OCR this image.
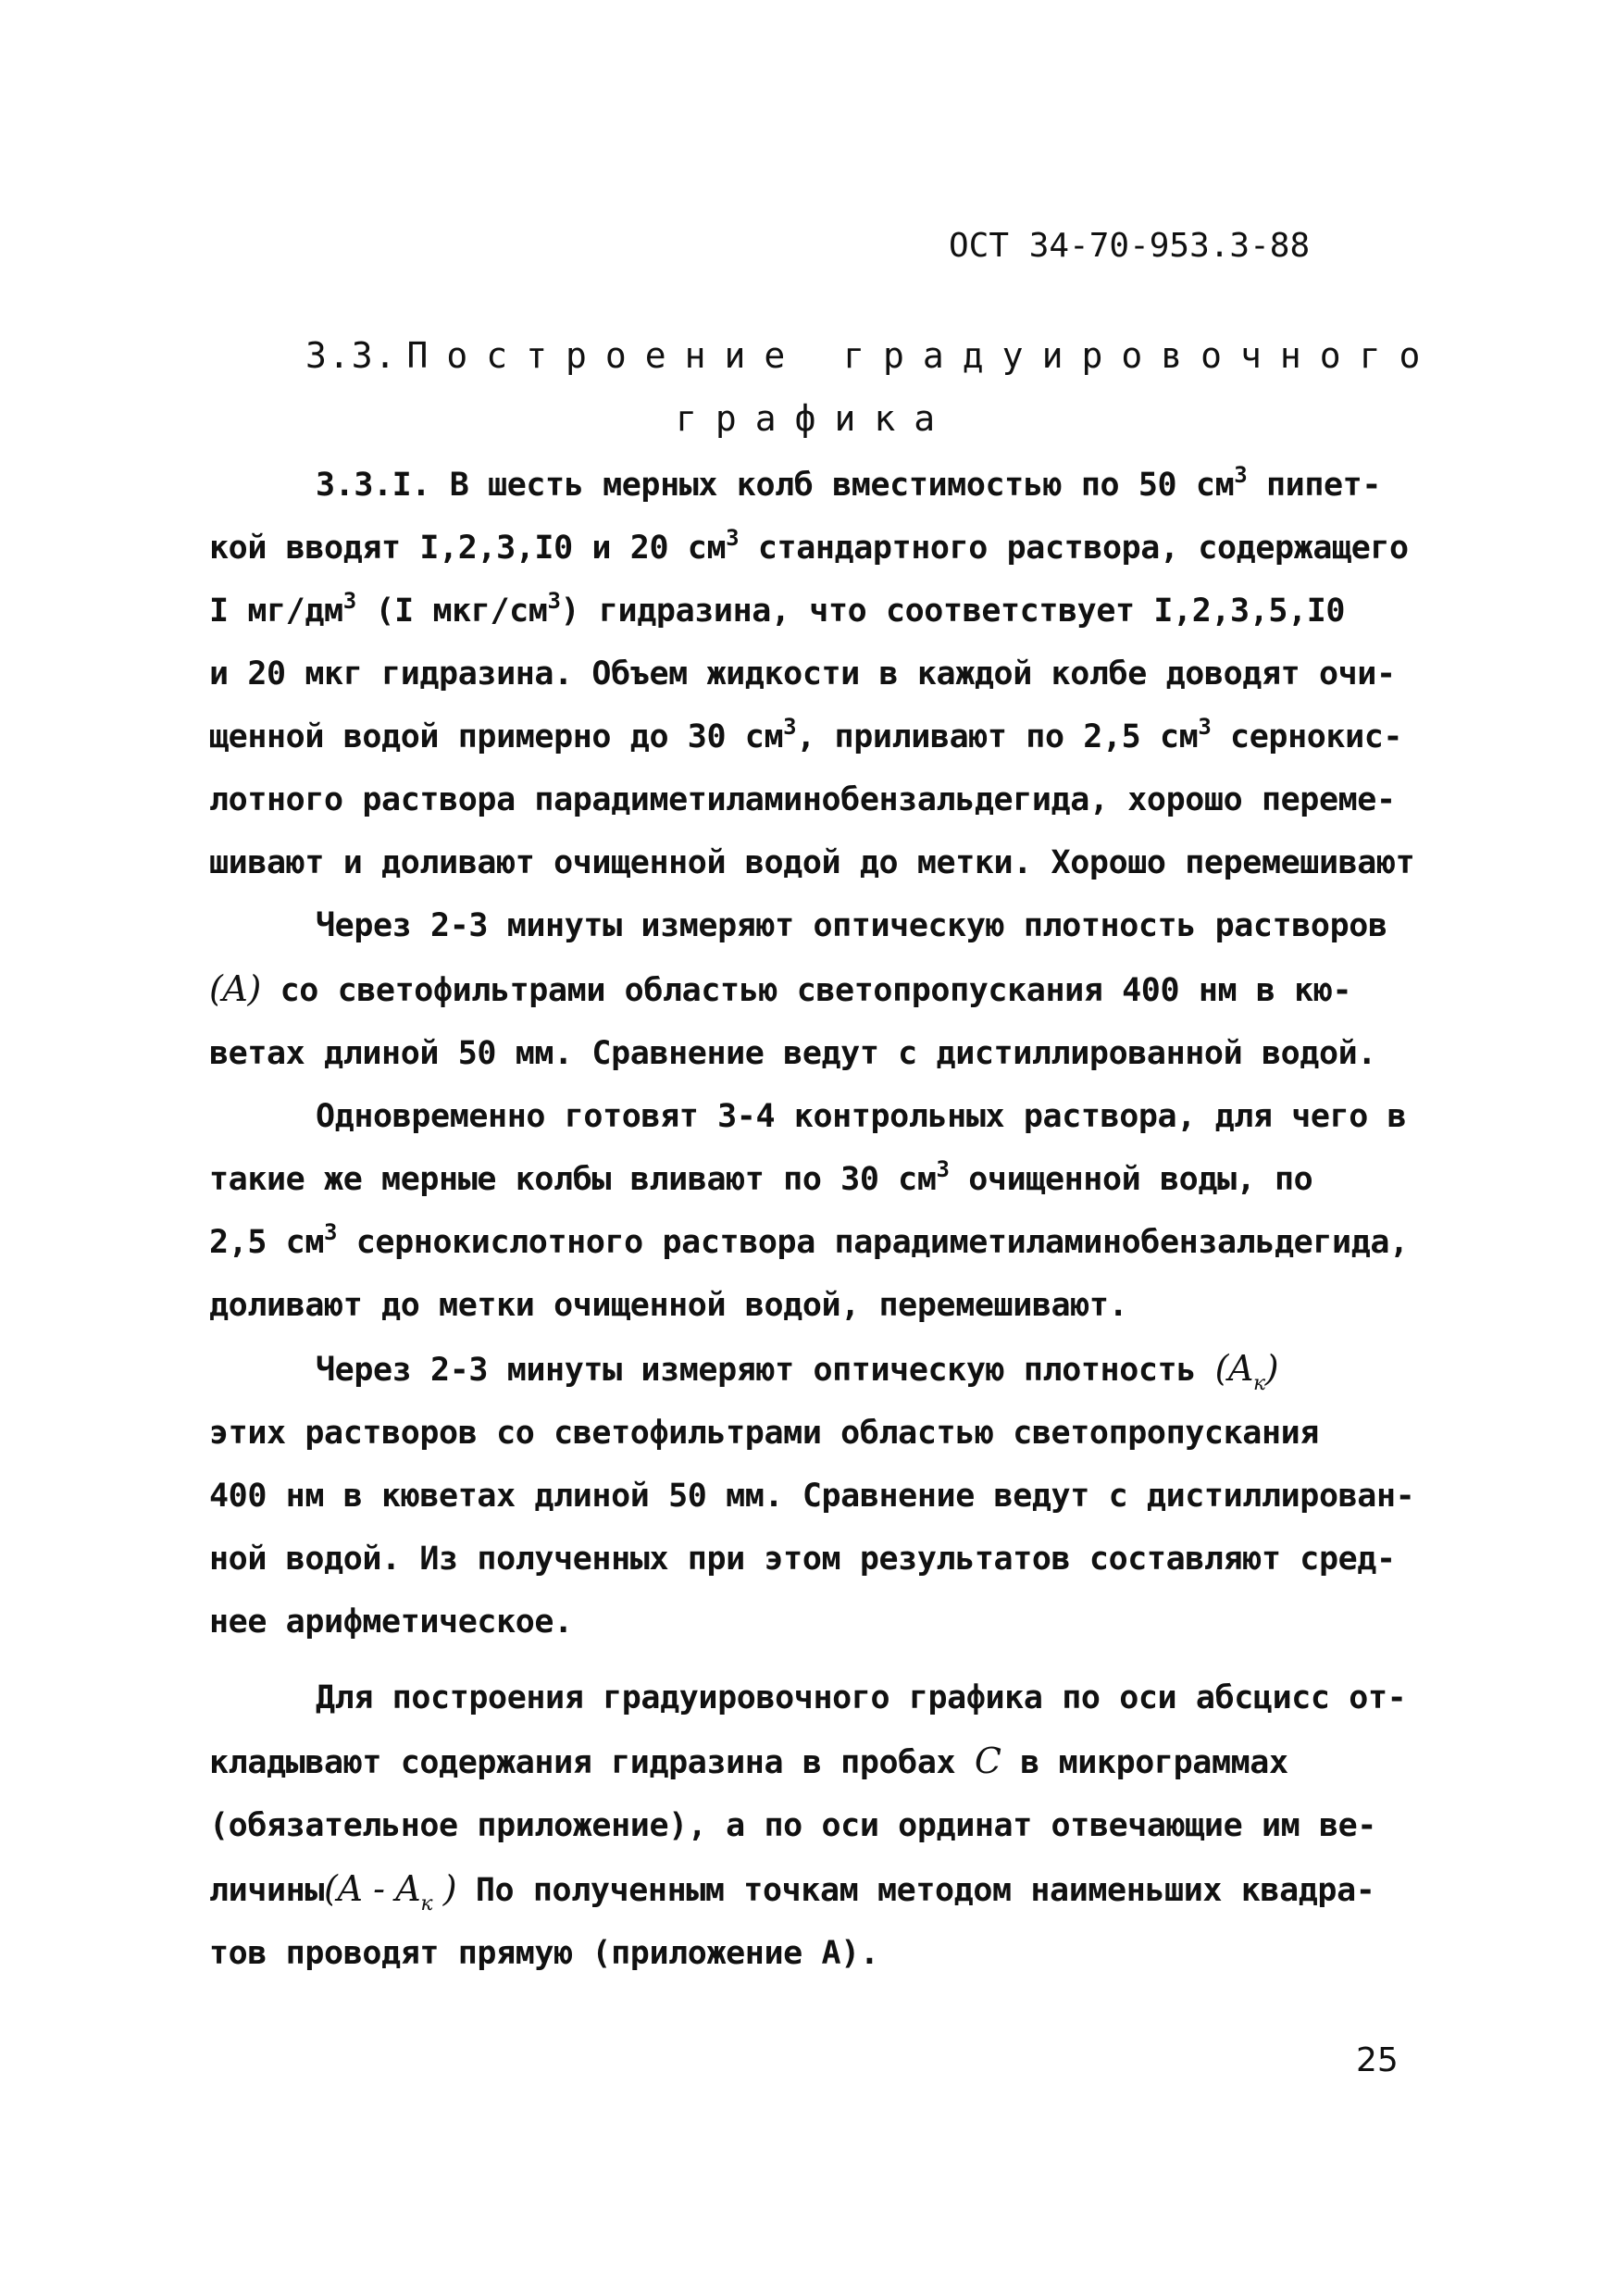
ОСТ 34-70-953.3-88
3.3. Построение градуировочного
графика
3.3.I. В шесть мерных колб вместимостью по 50 $см^3$ пипет-
кой вводят I,2,3,I0 и 20 $см^3$ стандартного раствора, содержащего
I $мг/дм^3$ (I мкг/$см^3$) гидразина, что соответствует I,2,3,5,I0
и 20 мкг гидразина. Объем жидкости в каждой колбе доводят очи-
щенной водой примерно до 30 $см^3$, приливают по 2,5 $см^3$ сернокис-
лотного раствора парадиметиламинобензальдегида, хорошо переме-
шивают и доливают очищенной водой до метки. Хорошо перемешивают
Через 2-3 минуты измеряют оптическую плотность растворов
(A) со светофильтрами областью светопропускания 400 нм в кю-
ветах длиной 50 мм. Сравнение ведут с дистиллированной водой.
Одновременно готовят 3-4 контрольных раствора, для чего в
такие же мерные колбы вливают по 30 $см^3$ очищенной воды, по
2,5 $см^3$ сернокислотного раствора парадиметиламинобензальдегида,
доливают до метки очищенной водой, перемешивают.
Через 2-3 минуты измеряют оптическую плотность $(A_к)$
этих растворов со светофильтрами областью светопропускания
400 нм в кюветах длиной 50 мм. Сравнение ведут с дистиллирован-
ной водой. Из полученных при этом результатов составляют сред-
нее арифметическое.
Для построения градуировочного графика по оси абсцисс от-
кладывают содержания гидразина в пробах C в микрограммах
(обязательное приложение), а по оси ординат отвечающие им ве-
личины(A - $A_к$ ) По полученным точкам методом наименьших квадра-
тов проводят прямую (приложение А).
25
